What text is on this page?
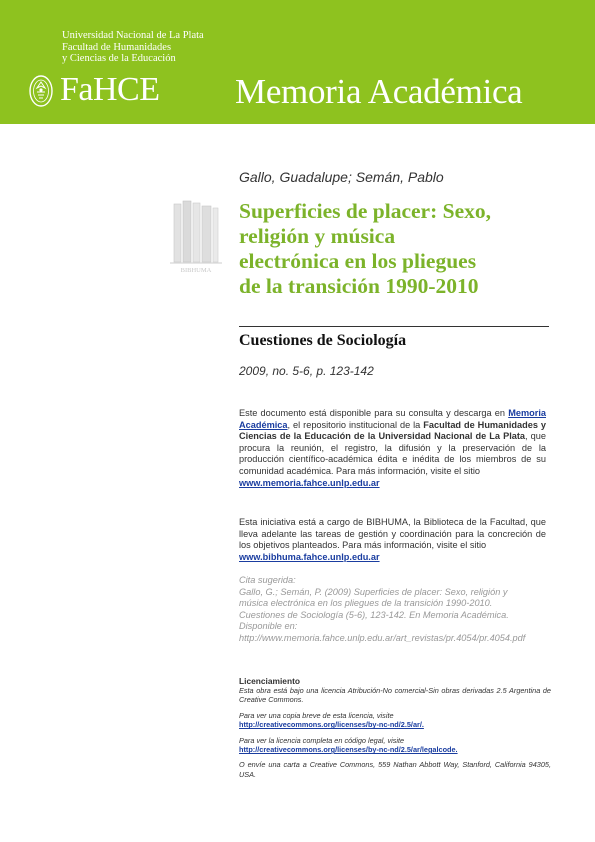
Universidad Nacional de La Plata
Facultad de Humanidades
y Ciencias de la Educación
FaHCE Memoria Académica
BIBHUMA
Gallo, Guadalupe; Semán, Pablo
Superficies de placer: Sexo,
religión y música
electrónica en los pliegues
de la transición 1990-2010
Cuestiones de Sociología
2009, no. 5-6, p. 123-142
Este documento está disponible para su consulta y descarga en Memoria Académica, el repositorio institucional de la Facultad de Humanidades y Ciencias de la Educación de la Universidad Nacional de La Plata, que procura la reunión, el registro, la difusión y la preservación de la producción científico-académica édita e inédita de los miembros de su comunidad académica. Para más información, visite el sitio
www.memoria.fahce.unlp.edu.ar
Esta iniciativa está a cargo de BIBHUMA, la Biblioteca de la Facultad, que lleva adelante las tareas de gestión y coordinación para la concreción de los objetivos planteados. Para más información, visite el sitio
www.bibhuma.fahce.unlp.edu.ar
Cita sugerida:
Gallo, G.; Semán, P. (2009) Superficies de placer: Sexo, religión y
música electrónica en los pliegues de la transición 1990-2010.
Cuestiones de Sociología (5-6), 123-142. En Memoria Académica.
Disponible en:
http://www.memoria.fahce.unlp.edu.ar/art_revistas/pr.4054/pr.4054.pdf
Licenciamiento
Esta obra está bajo una licencia Atribución-No comercial-Sin obras derivadas 2.5 Argentina de Creative Commons.
Para ver una copia breve de esta licencia, visite
http://creativecommons.org/licenses/by-nc-nd/2.5/ar/.
Para ver la licencia completa en código legal, visite
http://creativecommons.org/licenses/by-nc-nd/2.5/ar/legalcode.
O envíe una carta a Creative Commons, 559 Nathan Abbott Way, Stanford, California 94305, USA.
